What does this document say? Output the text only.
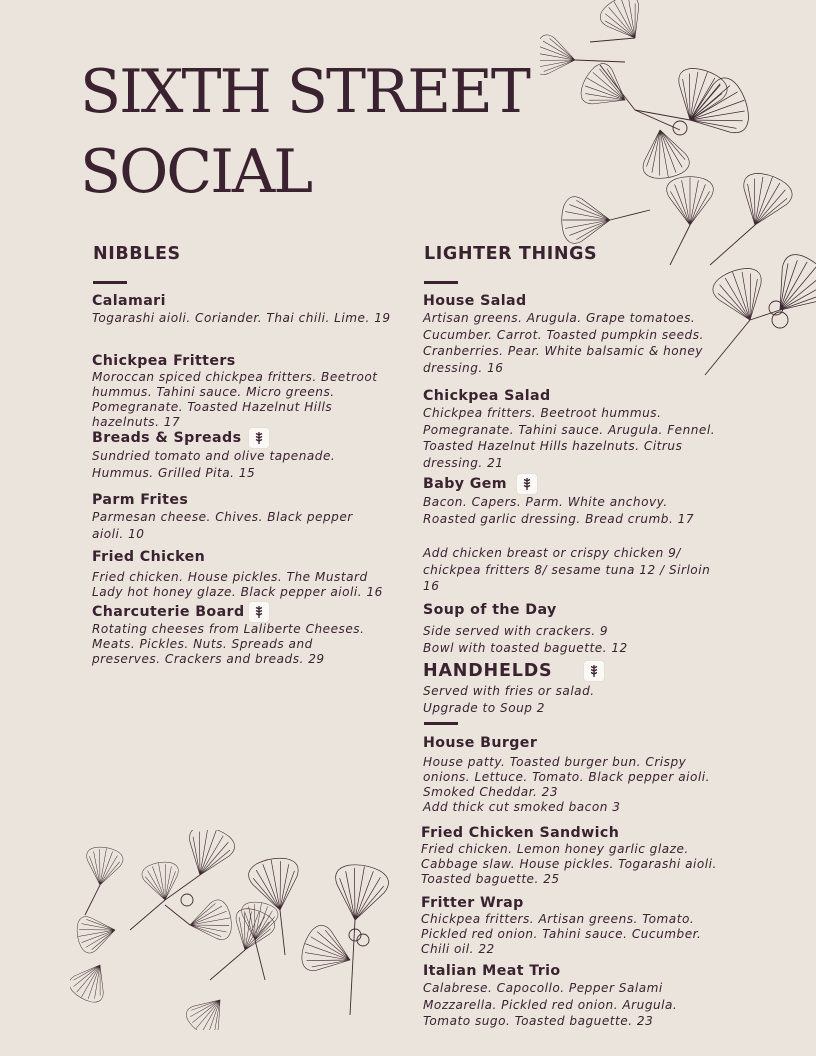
SIXTH STREET
SOCIAL
NIBBLES
Calamari
Togarashi aioli. Coriander. Thai chili. Lime. 19
Chickpea Fritters
Moroccan spiced chickpea fritters. Beetroot hummus. Tahini sauce. Micro greens. Pomegranate. Toasted Hazelnut Hills hazelnuts. 17
Breads & Spreads
Sundried tomato and olive tapenade. Hummus. Grilled Pita. 15
Parm Frites
Parmesan cheese. Chives. Black pepper aioli. 10
Fried Chicken
Fried chicken. House pickles. The Mustard Lady hot honey glaze. Black pepper aioli. 16
Charcuterie Board
Rotating cheeses from Laliberte Cheeses. Meats. Pickles. Nuts. Spreads and preserves. Crackers and breads. 29
LIGHTER THINGS
House Salad
Artisan greens. Arugula. Grape tomatoes. Cucumber. Carrot. Toasted pumpkin seeds. Cranberries. Pear. White balsamic & honey dressing. 16
Chickpea Salad
Chickpea fritters. Beetroot hummus. Pomegranate. Tahini sauce. Arugula. Fennel. Toasted Hazelnut Hills hazelnuts. Citrus dressing. 21
Baby Gem
Bacon. Capers. Parm. White anchovy. Roasted garlic dressing. Bread crumb. 17
Add chicken breast or crispy chicken 9/ chickpea fritters 8/ sesame tuna 12 / Sirloin 16
Soup of the Day
Side served with crackers. 9 Bowl with toasted baguette. 12
HANDHELDS
Served with fries or salad. Upgrade to Soup 2
House Burger
House patty. Toasted burger bun. Crispy onions. Lettuce. Tomato. Black pepper aioli. Smoked Cheddar. 23
Add thick cut smoked bacon 3
Fried Chicken Sandwich
Fried chicken. Lemon honey garlic glaze. Cabbage slaw. House pickles. Togarashi aioli. Toasted baguette. 25
Fritter Wrap
Chickpea fritters. Artisan greens. Tomato. Pickled red onion. Tahini sauce. Cucumber. Chili oil. 22
Italian Meat Trio
Calabrese. Capocollo. Pepper Salami Mozzarella. Pickled red onion. Arugula. Tomato sugo. Toasted baguette. 23
